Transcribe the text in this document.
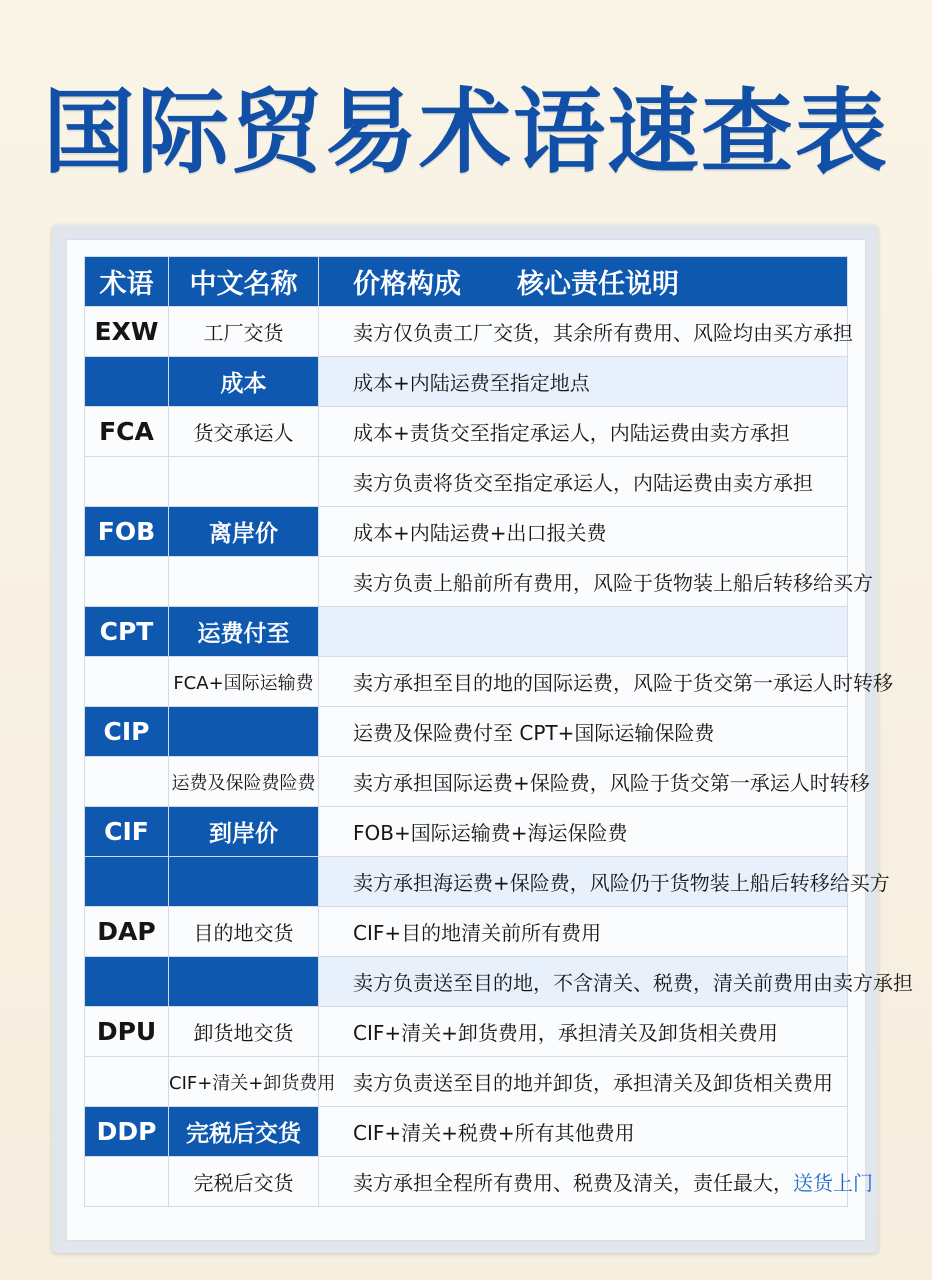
国际贸易术语速查表
术语	中文名称	价格构成 核心责任说明
EXW	工厂交货	卖方仅负责工厂交货，其余所有费用、风险均由买方承担
	成本	成本+内陆运费至指定地点
FCA	货交承运人	成本+责货交至指定承运人，内陆运费由卖方承担
		卖方负责将货交至指定承运人，内陆运费由卖方承担
FOB	离岸价	成本+内陆运费+出口报关费
		卖方负责上船前所有费用，风险于货物装上船后转移给买方
CPT	运费付至	
	FCA+国际运输费	卖方承担至目的地的国际运费，风险于货交第一承运人时转移
CIP		运费及保险费付至 CPT+国际运输保险费
	运费及保险费险费	卖方承担国际运费+保险费，风险于货交第一承运人时转移
CIF	到岸价	FOB+国际运输费+海运保险费
		卖方承担海运费+保险费，风险仍于货物装上船后转移给买方
DAP	目的地交货	CIF+目的地清关前所有费用
		卖方负责送至目的地，不含清关、税费，清关前费用由卖方承担
DPU	卸货地交货	CIF+清关+卸货费用，承担清关及卸货相关费用
	CIF+清关+卸货费用	卖方负责送至目的地并卸货，承担清关及卸货相关费用
DDP	完税后交货	CIF+清关+税费+所有其他费用
	完税后交货	卖方承担全程所有费用、税费及清关，责任最大，送货上门
